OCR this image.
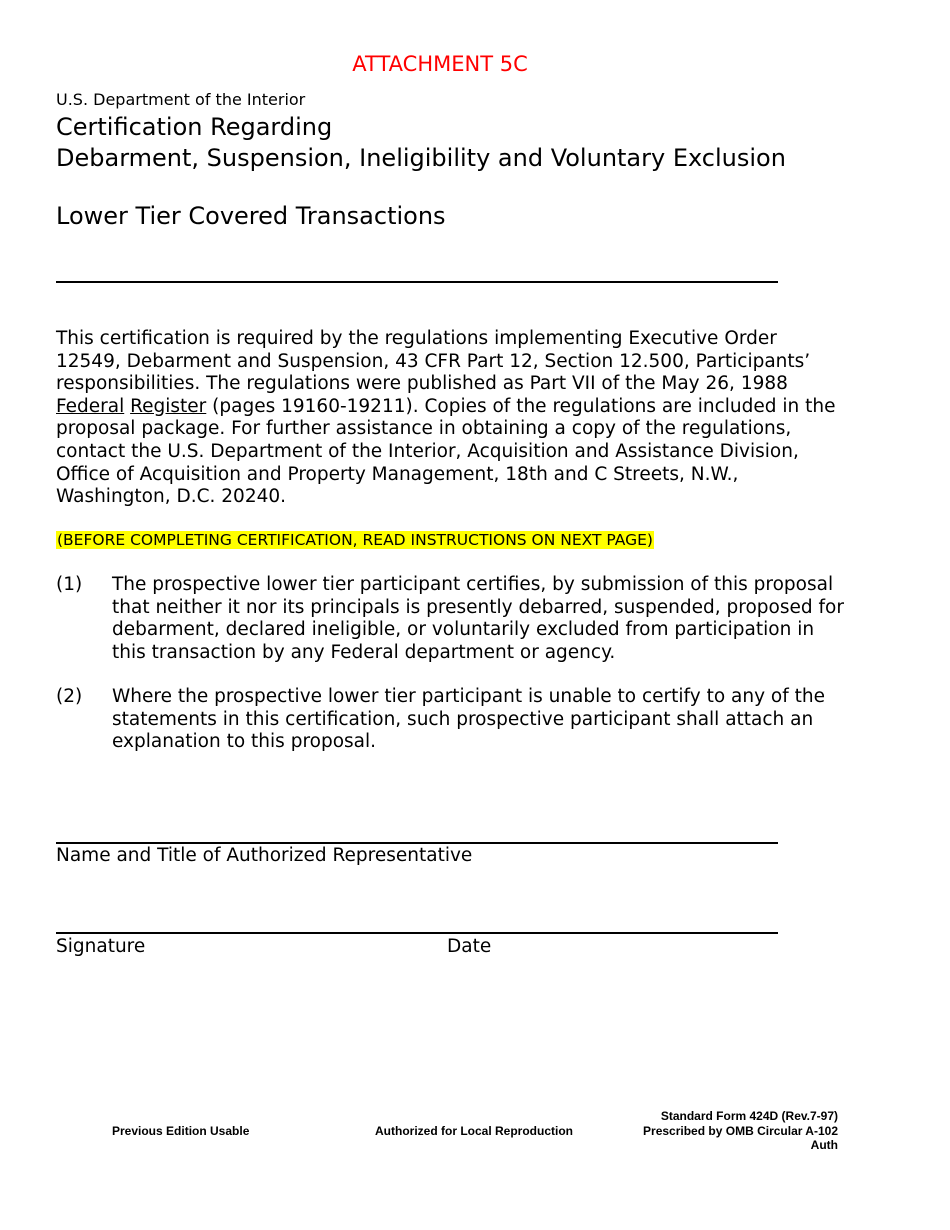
ATTACHMENT 5C
U.S. Department of the Interior
Certification Regarding
Debarment, Suspension, Ineligibility and Voluntary Exclusion
Lower Tier Covered Transactions
This certification is required by the regulations implementing Executive Order 12549, Debarment and Suspension, 43 CFR Part 12, Section 12.500, Participants’ responsibilities. The regulations were published as Part VII of the May 26, 1988
Federal Register (pages 19160-19211). Copies of the regulations are included in the proposal package. For further assistance in obtaining a copy of the regulations, contact the U.S. Department of the Interior, Acquisition and Assistance Division, Office of Acquisition and Property Management, 18th and C Streets, N.W., Washington, D.C. 20240.
(BEFORE COMPLETING CERTIFICATION, READ INSTRUCTIONS ON NEXT PAGE)
(1) The prospective lower tier participant certifies, by submission of this proposal that neither it nor its principals is presently debarred, suspended, proposed for debarment, declared ineligible, or voluntarily excluded from participation in this transaction by any Federal department or agency.
(2) Where the prospective lower tier participant is unable to certify to any of the statements in this certification, such prospective participant shall attach an explanation to this proposal.
Name and Title of Authorized Representative
Signature	Date
Previous Edition Usable	Authorized for Local Reproduction
Standard Form 424D (Rev.7-97)
Prescribed by OMB Circular A-102
Auth
